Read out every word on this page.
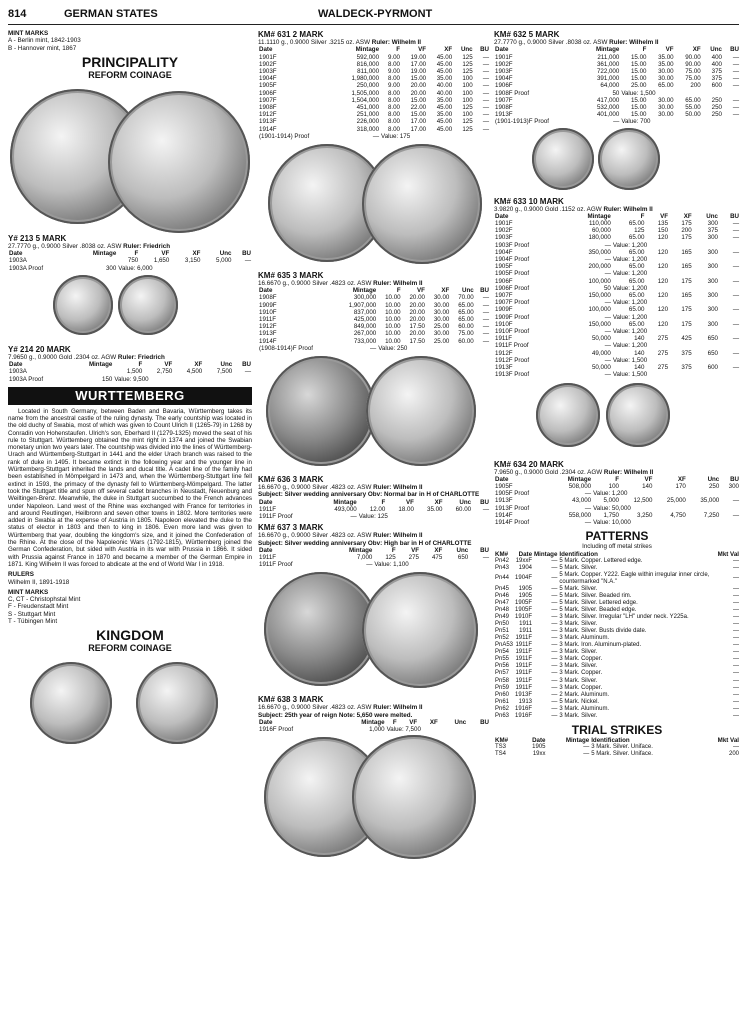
814	GERMAN STATES	WALDECK-PYRMONT
MINT MARKS
A - Berlin mint, 1842-1903
B - Hannover mint, 1867
PRINCIPALITY
REFORM COINAGE
Y# 213 5 MARK
27.7770 g., 0.9000 Silver .8038 oz. ASW Ruler: Friedrich
Date	Mintage	F	VF	XF	Unc	BU
1903A		750	1,650	3,150	5,000	—
1903A Proof	300	Value: 6,000				
Y# 214 20 MARK
7.9650 g., 0.9000 Gold .2304 oz. AGW Ruler: Friedrich
Date	Mintage	F	VF	XF	Unc	BU
1903A		1,500	2,750	4,500	7,500	—
1903A Proof	150	Value: 9,500				
WURTTEMBERG
Located in South Germany, between Baden and Bavaria, Württemberg takes its name from the ancestral castle of the ruling dynasty. The early countship was located in the old duchy of Swabia, most of which was given to Count Ulrich II (1265-79) in 1268 by Conradin von Hohenstaufen. Ulrich's son, Eberhard II (1279-1325) moved the seat of his rule to Stuttgart. Württemberg obtained the mint right in 1374 and joined the Swabian monetary union two years later. The countship was divided into the lines of Württemberg-Urach and Württemberg-Stuttgart in 1441 and the elder Urach branch was raised to the rank of duke in 1495. It became extinct in the following year and the younger line in Württemberg-Stuttgart inherited the lands and ducal title. A cadet line of the family had been established in Mömpelgard in 1473 and, when the Württemberg-Stuttgart line fell extinct in 1593, the primacy of the dynasty fell to Württemberg-Mömpelgard. The latter took the Stuttgart title and spun off several cadet branches in Neustadt, Neuenburg and Weiltingen-Brenz. Meanwhile, the duke in Stuttgart succumbed to the French advances under Napoleon. Land west of the Rhine was exchanged with France for territories in and around Reutlingen, Heilbronn and seven other towns in 1802. More territories were added in Swabia at the expense of Austria in 1805. Napoleon elevated the duke to the status of elector in 1803 and then to king in 1806. Even more land was given to Württemberg that year, doubling the kingdom's size, and it joined the Confederation of the Rhine. At the close of the Napoleonic Wars (1792-1815), Württemberg joined the German Confederation, but sided with Austria in its war with Prussia in 1866. It sided with Prussia against France in 1870 and became a member of the German Empire in 1871. King Wilhelm II was forced to abdicate at the end of World War I in 1918.
RULERS
Wilhelm II, 1891-1918
MINT MARKS
C, CT - Christophstal Mint
F - Freudenstadt Mint
S - Stuttgart Mint
T - Tübingen Mint
KINGDOM
REFORM COINAGE
KM# 631 2 MARK
11.1110 g., 0.9000 Silver .3215 oz. ASW Ruler: Wilhelm II
Date	Mintage	F	VF	XF	Unc	BU
1901F	592,000	9.00	19.00	45.00	125	—
1902F	816,000	8.00	17.00	45.00	125	—
1903F	811,000	9.00	19.00	45.00	125	—
1904F	1,980,000	8.00	15.00	35.00	100	—
1905F	250,000	9.00	20.00	40.00	100	—
1906F	1,505,000	8.00	20.00	40.00	100	—
1907F	1,504,000	8.00	15.00	35.00	100	—
1908F	451,000	8.00	22.00	45.00	125	—
1912F	251,000	8.00	15.00	35.00	100	—
1913F	226,000	8.00	17.00	45.00	125	—
1914F	318,000	8.00	17.00	45.00	125	—
(1901-1914) Proof	—	Value: 175				
KM# 635 3 MARK
16.6670 g., 0.9000 Silver .4823 oz. ASW Ruler: Wilhelm II
Date	Mintage	F	VF	XF	Unc	BU
1908F	300,000	10.00	20.00	30.00	70.00	—
1909F	1,907,000	10.00	20.00	30.00	65.00	—
1910F	837,000	10.00	20.00	30.00	65.00	—
1911F	425,000	10.00	20.00	30.00	65.00	—
1912F	849,000	10.00	17.50	25.00	60.00	—
1913F	267,000	10.00	20.00	30.00	75.00	—
1914F	733,000	10.00	17.50	25.00	60.00	—
(1908-1914)F Proof	—	Value: 250				
KM# 636 3 MARK
16.6670 g., 0.9000 Silver .4823 oz. ASW Ruler: Wilhelm II
Subject: Silver wedding anniversary Obv: Normal bar in H of CHARLOTTE
Date	Mintage	F	VF	XF	Unc	BU
1911F	493,000	12.00	18.00	35.00	60.00	—
1911F Proof	—	Value: 125				
KM# 637 3 MARK
16.6670 g., 0.9000 Silver .4823 oz. ASW Ruler: Wilhelm II
Subject: Silver wedding anniversary Obv: High bar in H of CHARLOTTE
Date	Mintage	F	VF	XF	Unc	BU
1911F	7,000	125	275	475	650	—
1911F Proof	—	Value: 1,100				
KM# 638 3 MARK
16.6670 g., 0.9000 Silver .4823 oz. ASW Ruler: Wilhelm II
Subject: 25th year of reign Note: 5,650 were melted.
Date	Mintage	F	VF	XF	Unc	BU
1916F Proof	1,000	Value: 7,500				
KM# 632 5 MARK
27.7770 g., 0.9000 Silver .8038 oz. ASW Ruler: Wilhelm II
Date	Mintage	F	VF	XF	Unc	BU
1901F	211,000	15.00	35.00	90.00	400	—
1902F	361,000	15.00	35.00	90.00	400	—
1903F	722,000	15.00	30.00	75.00	375	—
1904F	391,000	15.00	30.00	75.00	375	—
1906F	64,000	25.00	65.00	200	600	—
1908F Proof	50	Value: 1,500				
1907F	417,000	15.00	30.00	65.00	250	—
1908F	532,000	15.00	30.00	55.00	250	—
1913F	401,000	15.00	30.00	50.00	250	—
(1901-1913)F Proof	—	Value: 700				
KM# 633 10 MARK
3.9820 g., 0.9000 Gold .1152 oz. AGW Ruler: Wilhelm II
Date	Mintage	F	VF	XF	Unc	BU
1901F	110,000	65.00	135	175	300	—
1902F	60,000	125	150	200	375	—
1903F	180,000	65.00	120	175	300	—
1903F Proof	—	Value: 1,200				
1904F	350,000	65.00	120	165	300	—
1904F Proof	—	Value: 1,200				
1905F	200,000	65.00	120	165	300	—
1905F Proof	—	Value: 1,200				
1906F	100,000	65.00	120	175	300	—
1906F Proof	50	Value: 1,200				
1907F	150,000	65.00	120	165	300	—
1907F Proof	—	Value: 1,200				
1909F	100,000	65.00	120	175	300	—
1909F Proof	—	Value: 1,200				
1910F	150,000	65.00	120	175	300	—
1910F Proof	—	Value: 1,200				
1911F	50,000	140	275	425	650	—
1911F Proof	—	Value: 1,200				
1912F	49,000	140	275	375	650	—
1912F Proof	—	Value: 1,500				
1913F	50,000	140	275	375	600	—
1913F Proof	—	Value: 1,500				
KM# 634 20 MARK
7.9650 g., 0.9000 Gold .2304 oz. AGW Ruler: Wilhelm II
Date	Mintage	F	VF	XF	Unc	BU
1905F	508,000	100	140	170	250	300
1905F Proof	—	Value: 1,200				
1913F	43,000	5,000	12,500	25,000	35,000	—
1913F Proof	—	Value: 50,000				
1914F	558,000	1,750	3,250	4,750	7,250	—
1914F Proof	—	Value: 10,000				
PATTERNS
Including off metal strikes
KM#	Date	Mintage	Identification	Mkt Val
Pn42	19xxF	—	5 Mark. Copper. Lettered edge.	—
Pn43	1904	—	5 Mark. Silver.	—
Pn44	1904F	—	5 Mark. Copper. Y222. Eagle within irregular inner circle, countermarked "N.A."	—
Pn45	1905	—	5 Mark. Silver.	—
Pn46	1905	—	5 Mark. Silver. Beaded rim.	—
Pn47	1905F	—	5 Mark. Silver. Lettered edge.	—
Pn48	1905F	—	5 Mark. Silver. Beaded edge.	—
Pn49	1910F	—	3 Mark. Silver. Irregular "LH" under neck. Y225a.	—
Pn50	1911	—	3 Mark. Silver.	—
Pn51	1911	—	3 Mark. Silver. Busts divide date.	—
Pn52	1911F	—	3 Mark. Aluminum.	—
PnA53	1911F	—	3 Mark. Iron. Aluminum-plated.	—
Pn54	1911F	—	3 Mark. Silver.	—
Pn55	1911F	—	3 Mark. Copper.	—
Pn56	1911F	—	3 Mark. Silver.	—
Pn57	1911F	—	3 Mark. Copper.	—
Pn58	1911F	—	3 Mark. Silver.	—
Pn59	1911F	—	3 Mark. Copper.	—
Pn60	1913F	—	2 Mark. Aluminum.	—
Pn61	1913	—	5 Mark. Nickel.	—
Pn62	1916F	—	3 Mark. Aluminum.	—
Pn63	1916F	—	3 Mark. Silver.	—
TRIAL STRIKES
KM#	Date	Mintage	Identification	Mkt Val
TS3	1905	—	3 Mark. Silver. Uniface.	—
TS4	19xx	—	5 Mark. Silver. Uniface.	200
